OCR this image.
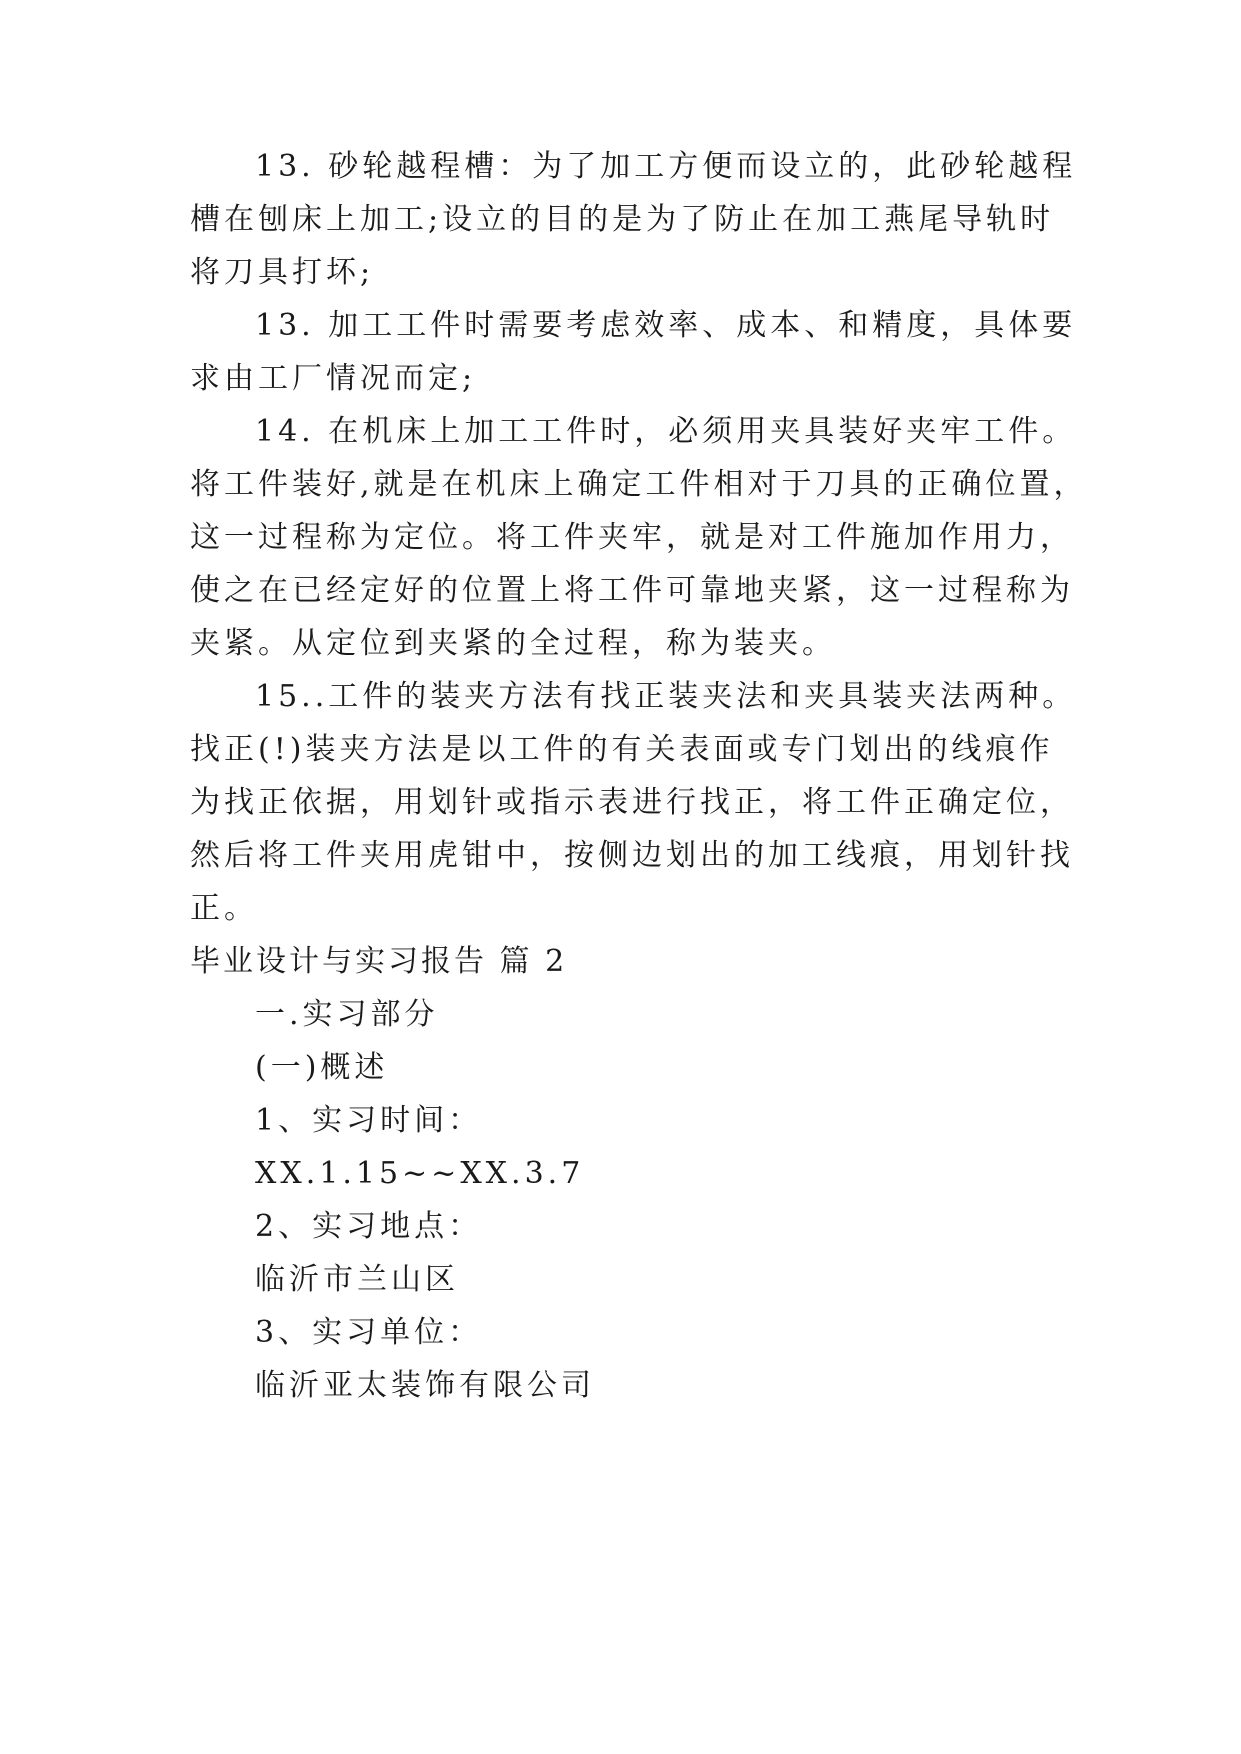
13. 砂轮越程槽：为了加工方便而设立的，此砂轮越程
槽在刨床上加工;设立的目的是为了防止在加工燕尾导轨时
将刀具打坏;
13. 加工工件时需要考虑效率、成本、和精度，具体要
求由工厂情况而定;
14. 在机床上加工工件时，必须用夹具装好夹牢工件。
将工件装好,就是在机床上确定工件相对于刀具的正确位置，
这一过程称为定位。将工件夹牢，就是对工件施加作用力，
使之在已经定好的位置上将工件可靠地夹紧，这一过程称为
夹紧。从定位到夹紧的全过程，称为装夹。
15..工件的装夹方法有找正装夹法和夹具装夹法两种。
找正(!)装夹方法是以工件的有关表面或专门划出的线痕作
为找正依据，用划针或指示表进行找正，将工件正确定位，
然后将工件夹用虎钳中，按侧边划出的加工线痕，用划针找
正。
毕业设计与实习报告 篇 2
一.实习部分
(一)概述
1、实习时间：
XX.1.15~~XX.3.7
2、实习地点：
临沂市兰山区
3、实习单位：
临沂亚太装饰有限公司
